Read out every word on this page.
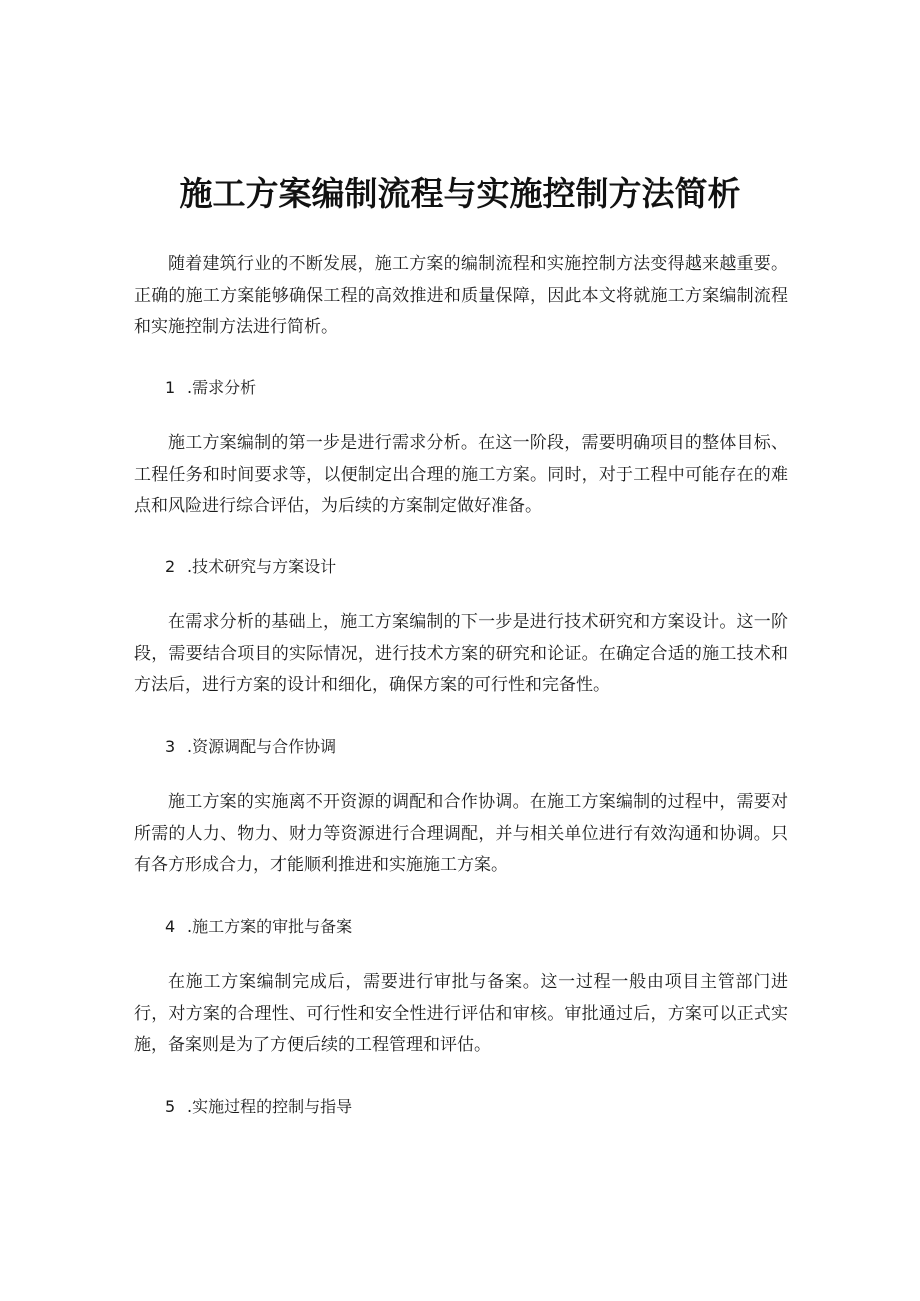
施工方案编制流程与实施控制方法简析

随着建筑行业的不断发展，施工方案的编制流程和实施控制方法变得越来越重要。正确的施工方案能够确保工程的高效推进和质量保障，因此本文将就施工方案编制流程和实施控制方法进行简析。

1 .需求分析

施工方案编制的第一步是进行需求分析。在这一阶段，需要明确项目的整体目标、工程任务和时间要求等，以便制定出合理的施工方案。同时，对于工程中可能存在的难点和风险进行综合评估，为后续的方案制定做好准备。

2 .技术研究与方案设计

在需求分析的基础上，施工方案编制的下一步是进行技术研究和方案设计。这一阶段，需要结合项目的实际情况，进行技术方案的研究和论证。在确定合适的施工技术和方法后，进行方案的设计和细化，确保方案的可行性和完备性。

3 .资源调配与合作协调

施工方案的实施离不开资源的调配和合作协调。在施工方案编制的过程中，需要对所需的人力、物力、财力等资源进行合理调配，并与相关单位进行有效沟通和协调。只有各方形成合力，才能顺利推进和实施施工方案。

4 .施工方案的审批与备案

在施工方案编制完成后，需要进行审批与备案。这一过程一般由项目主管部门进行，对方案的合理性、可行性和安全性进行评估和审核。审批通过后，方案可以正式实施，备案则是为了方便后续的工程管理和评估。

5 .实施过程的控制与指导
